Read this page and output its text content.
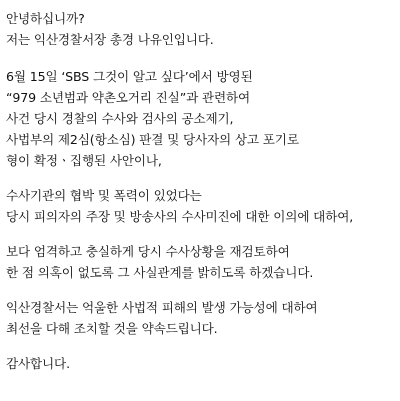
안녕하십니까?
저는 익산경찰서장 총경 나유인입니다.
6월 15일 ‘SBS 그것이 알고 싶다’에서 방영된
“979 소년범과 약촌오거리 진실”과 관련하여
사건 당시 경찰의 수사와 검사의 공소제기,
사법부의 제2심(항소심) 판결 및 당사자의 상고 포기로
형이 확정ㆍ집행된 사안이나,
수사기관의 협박 및 폭력이 있었다는
당시 피의자의 주장 및 방송사의 수사미진에 대한 이의에 대하여,
보다 엄격하고 충실하게 당시 수사상황을 재검토하여
한 점 의혹이 없도록 그 사실관계를 밝히도록 하겠습니다.
익산경찰서는 억울한 사법적 피해의 발생 가능성에 대하여
최선을 다해 조치할 것을 약속드립니다.
감사합니다.
